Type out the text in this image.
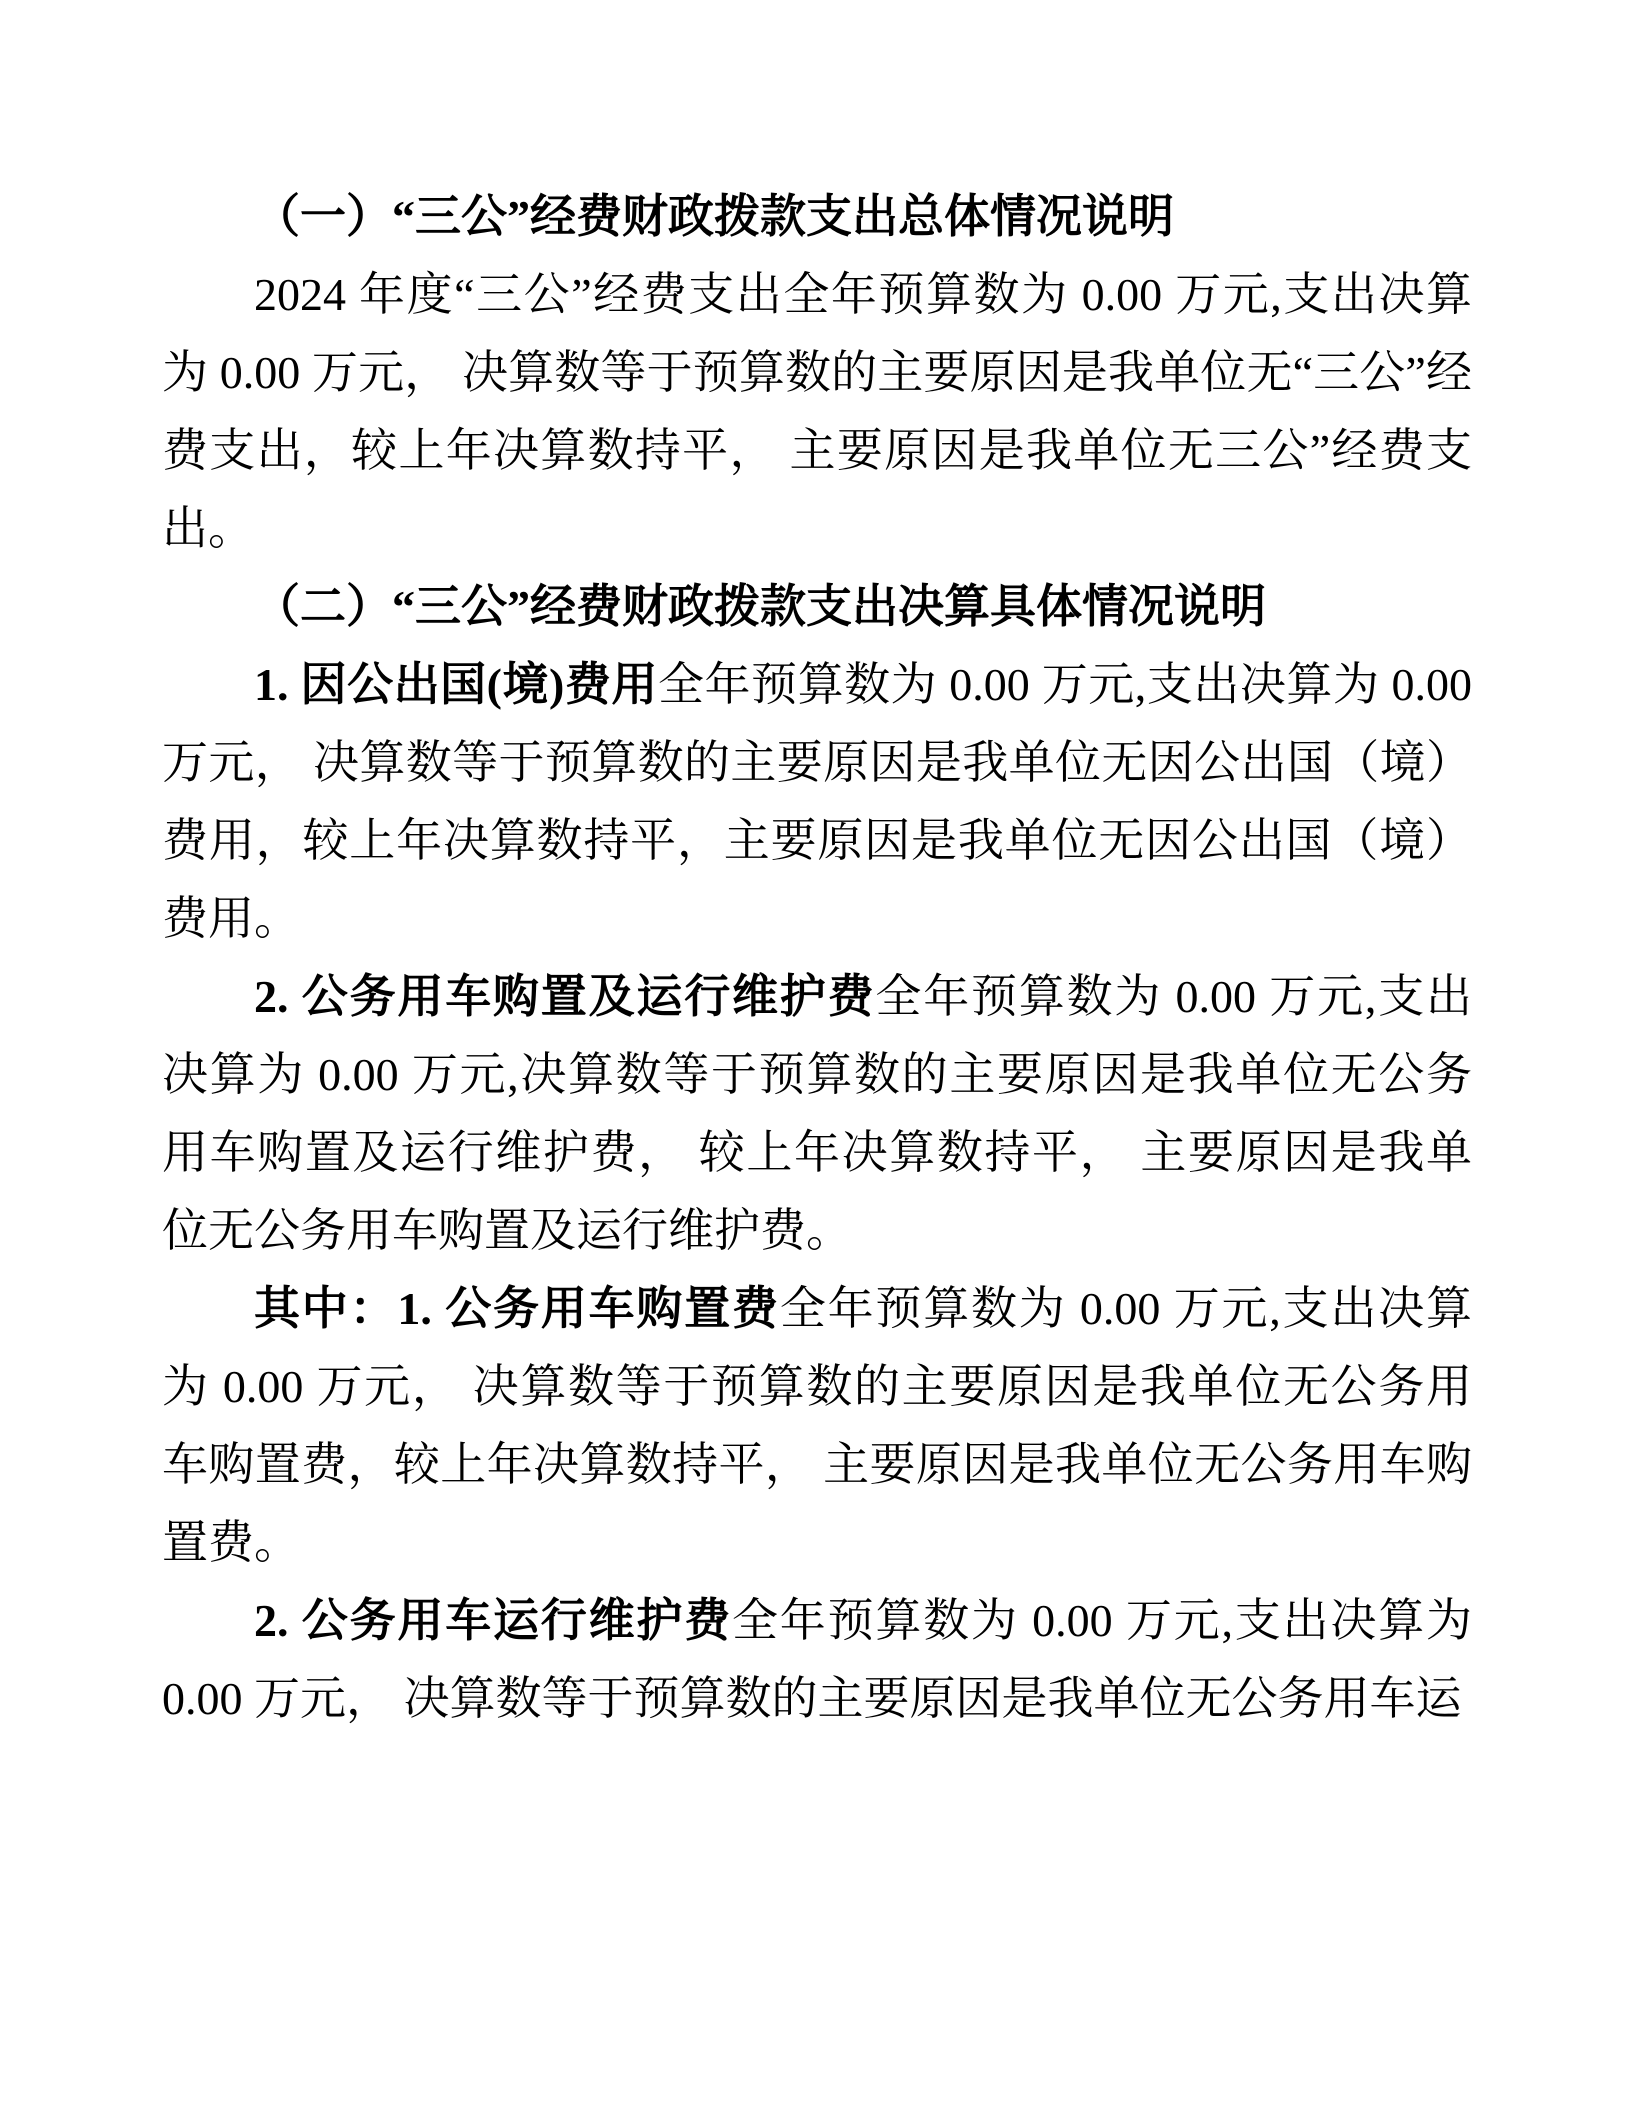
（一）“三公”经费财政拨款支出总体情况说明

2024 年度“三公”经费支出全年预算数为 0.00 万元,支出决算为 0.00 万元， 决算数等于预算数的主要原因是我单位无“三公”经费支出，较上年决算数持平， 主要原因是我单位无三公”经费支出。

（二）“三公”经费财政拨款支出决算具体情况说明

1. 因公出国(境)费用全年预算数为 0.00 万元,支出决算为 0.00 万元， 决算数等于预算数的主要原因是我单位无因公出国（境）费用，较上年决算数持平，主要原因是我单位无因公出国（境）费用。

2. 公务用车购置及运行维护费全年预算数为 0.00 万元,支出决算为 0.00 万元,决算数等于预算数的主要原因是我单位无公务用车购置及运行维护费， 较上年决算数持平， 主要原因是我单位无公务用车购置及运行维护费。

其中：1. 公务用车购置费全年预算数为 0.00 万元,支出决算为 0.00 万元， 决算数等于预算数的主要原因是我单位无公务用车购置费，较上年决算数持平， 主要原因是我单位无公务用车购置费。

2. 公务用车运行维护费全年预算数为 0.00 万元,支出决算为 0.00 万元， 决算数等于预算数的主要原因是我单位无公务用车运
